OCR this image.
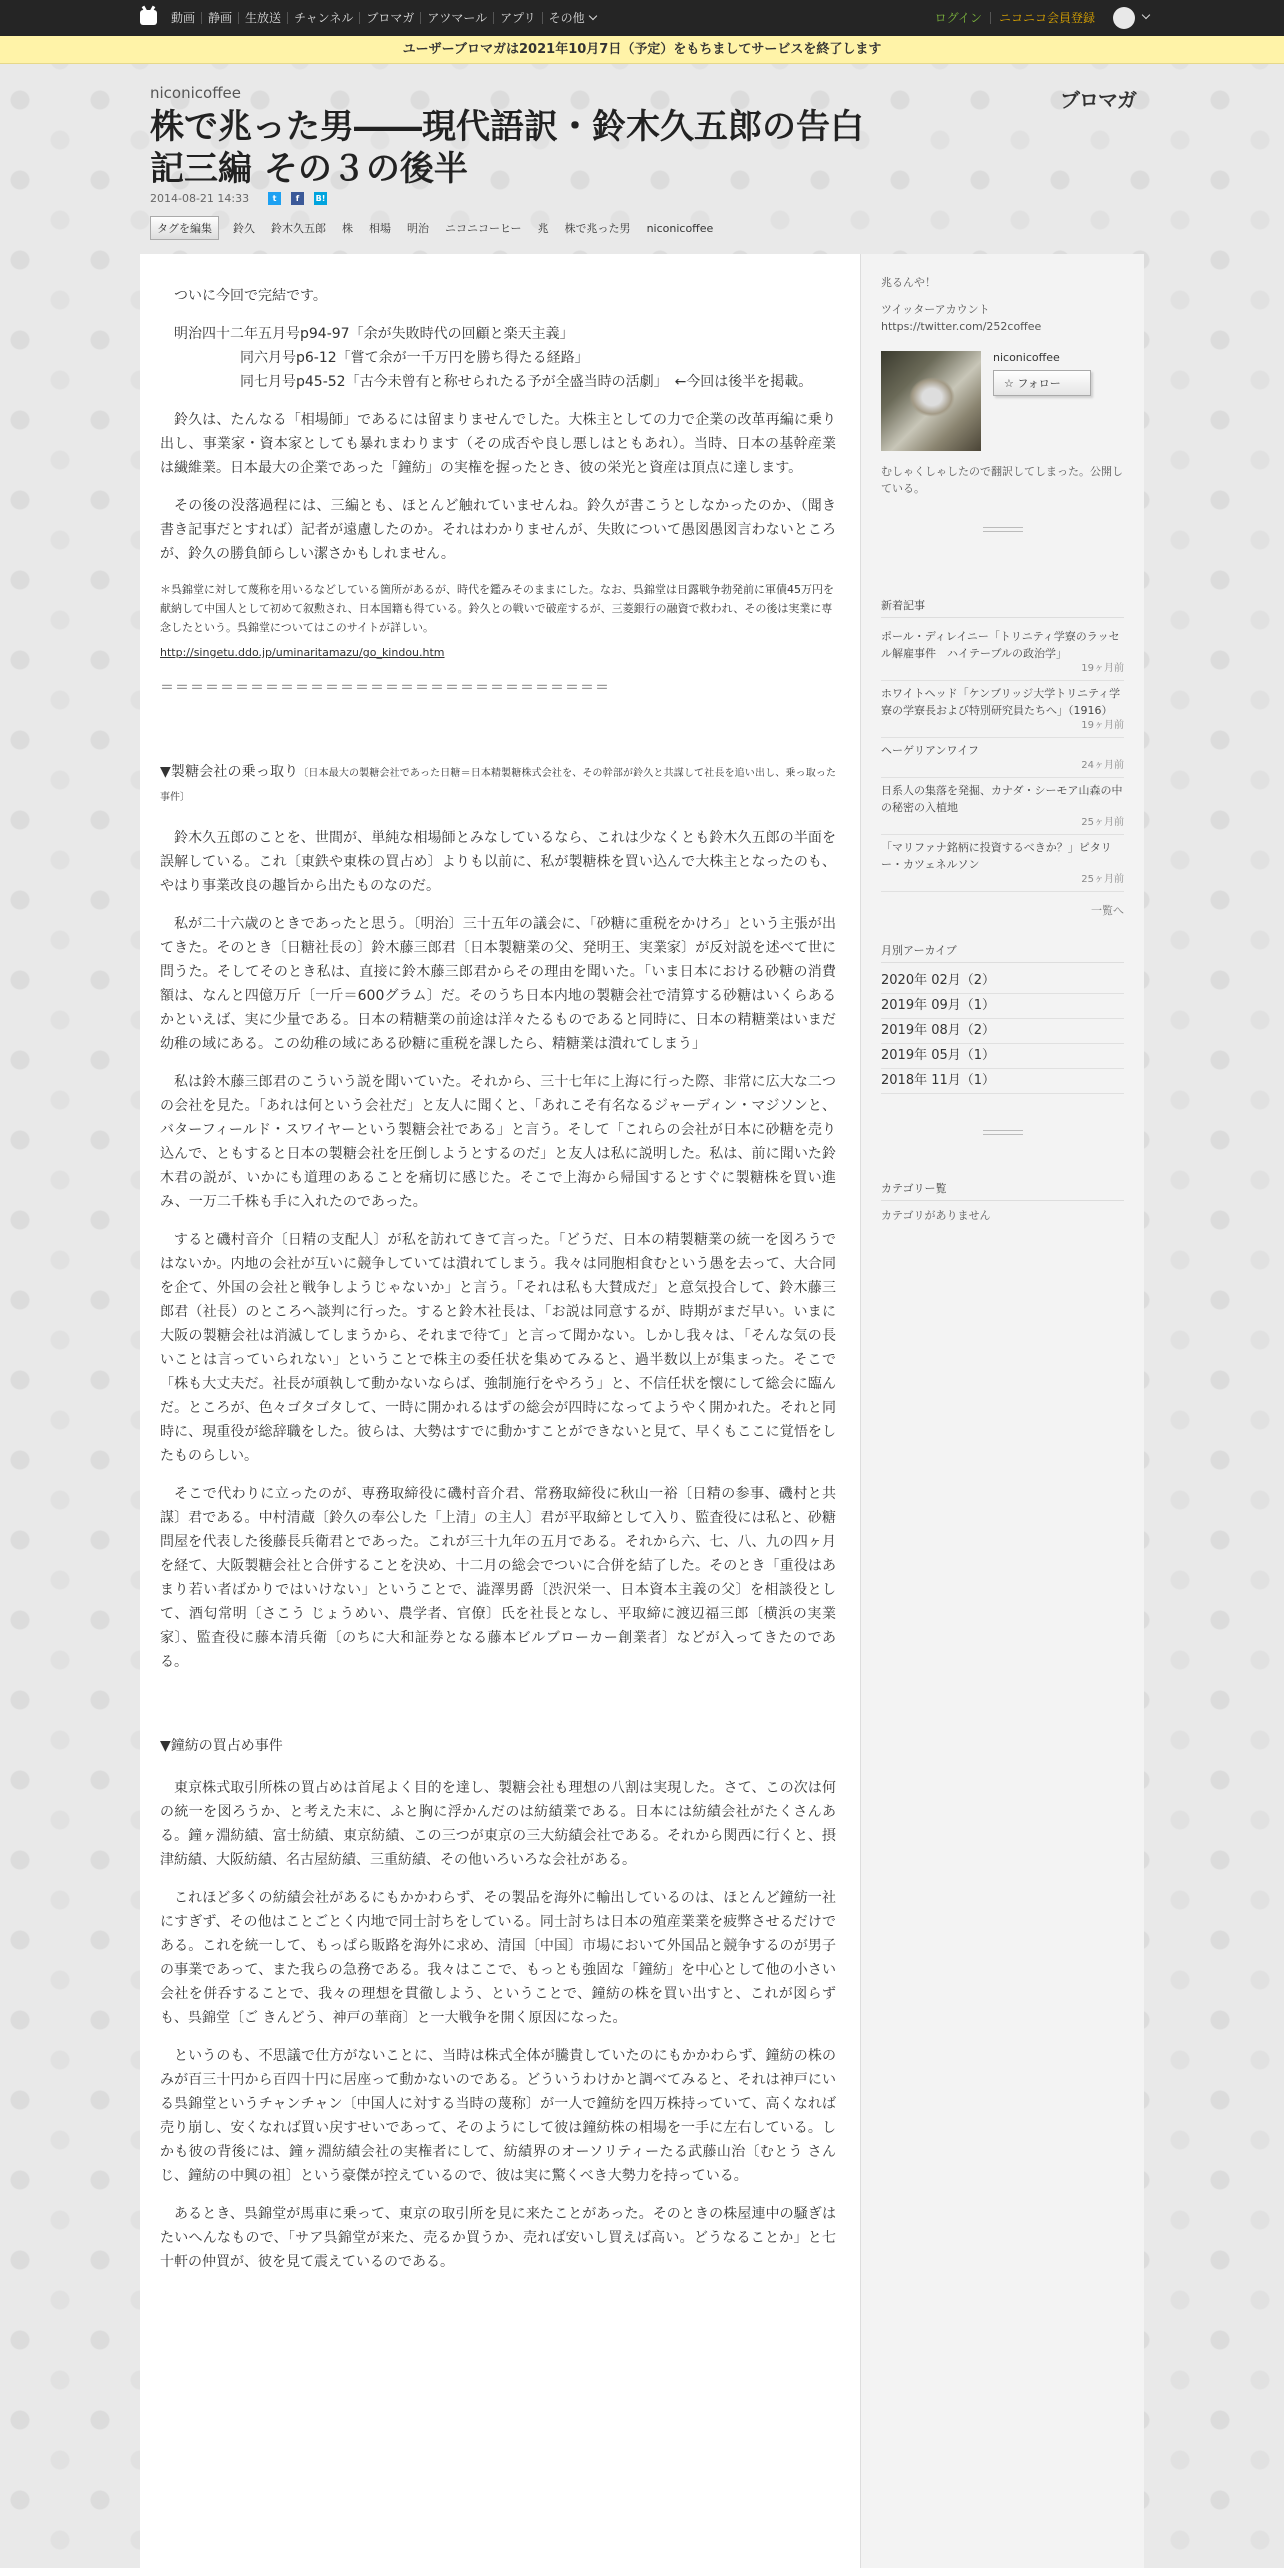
動画	静画	生放送	チャンネル	ブロマガ	アツマール	アプリ	その他	ログイン	ニコニコ会員登録
ユーザーブロマガは2021年10月7日（予定）をもちましてサービスを終了します
niconicoffee	ブロマガ
株で兆った男――現代語訳・鈴木久五郎の告白記三編 その３の後半
2014-08-21 14:33	t	f	B!
タグを編集	鈴久 鈴木久五郎 株 相場 明治 ニコニコーヒー 兆 株で兆った男 niconicoffee

ついに今回で完結です。

明治四十二年五月号p94-97「余が失敗時代の回顧と楽天主義」
同六月号p6-12「嘗て余が一千万円を勝ち得たる経路」
同七月号p45-52「古今未曾有と称せられたる予が全盛当時の活劇」　←今回は後半を掲載。

鈴久は、たんなる「相場師」であるには留まりませんでした。大株主としての力で企業の改革再編に乗り出し、事業家・資本家としても暴れまわります（その成否や良し悪しはともあれ）。当時、日本の基幹産業は繊維業。日本最大の企業であった「鐘紡」の実権を握ったとき、彼の栄光と資産は頂点に達します。

その後の没落過程には、三編とも、ほとんど触れていませんね。鈴久が書こうとしなかったのか、（聞き書き記事だとすれば）記者が遠慮したのか。それはわかりませんが、失敗について愚図愚図言わないところが、鈴久の勝負師らしい潔さかもしれません。

＊呉錦堂に対して蔑称を用いるなどしている箇所があるが、時代を鑑みそのままにした。なお、呉錦堂は日露戦争勃発前に軍債45万円を献納して中国人として初めて叙勲され、日本国籍も得ている。鈴久との戦いで破産するが、三菱銀行の融資で救われ、その後は実業に専念したという。呉錦堂についてはこのサイトが詳しい。
http://singetu.ddo.jp/uminaritamazu/go_kindou.htm

＝＝＝＝＝＝＝＝＝＝＝＝＝＝＝＝＝＝＝＝＝＝＝＝＝＝＝＝＝＝

▼製糖会社の乗っ取り〔日本最大の製糖会社であった日糖＝日本精製糖株式会社を、その幹部が鈴久と共謀して社長を追い出し、乗っ取った事件〕

鈴木久五郎のことを、世間が、単純な相場師とみなしているなら、これは少なくとも鈴木久五郎の半面を誤解している。これ〔東鉄や東株の買占め〕よりも以前に、私が製糖株を買い込んで大株主となったのも、やはり事業改良の趣旨から出たものなのだ。

私が二十六歳のときであったと思う。〔明治〕三十五年の議会に、「砂糖に重税をかけろ」という主張が出てきた。そのとき〔日糖社長の〕鈴木藤三郎君〔日本製糖業の父、発明王、実業家〕が反対説を述べて世に問うた。そしてそのとき私は、直接に鈴木藤三郎君からその理由を聞いた。「いま日本における砂糖の消費額は、なんと四億万斤〔一斤＝600グラム〕だ。そのうち日本内地の製糖会社で清算する砂糖はいくらあるかといえば、実に少量である。日本の精糖業の前途は洋々たるものであると同時に、日本の精糖業はいまだ幼稚の域にある。この幼稚の域にある砂糖に重税を課したら、精糖業は潰れてしまう」

私は鈴木藤三郎君のこういう説を聞いていた。それから、三十七年に上海に行った際、非常に広大な二つの会社を見た。「あれは何という会社だ」と友人に聞くと、「あれこそ有名なるジャーディン・マジソンと、バターフィールド・スワイヤーという製糖会社である」と言う。そして「これらの会社が日本に砂糖を売り込んで、ともすると日本の製糖会社を圧倒しようとするのだ」と友人は私に説明した。私は、前に聞いた鈴木君の説が、いかにも道理のあることを痛切に感じた。そこで上海から帰国するとすぐに製糖株を買い進み、一万二千株も手に入れたのであった。

すると磯村音介〔日精の支配人〕が私を訪れてきて言った。「どうだ、日本の精製糖業の統一を図ろうではないか。内地の会社が互いに競争していては潰れてしまう。我々は同胞相食むという愚を去って、大合同を企て、外国の会社と戦争しようじゃないか」と言う。「それは私も大賛成だ」と意気投合して、鈴木藤三郎君（社長）のところへ談判に行った。すると鈴木社長は、「お説は同意するが、時期がまだ早い。いまに大阪の製糖会社は消滅してしまうから、それまで待て」と言って聞かない。しかし我々は、「そんな気の長いことは言っていられない」ということで株主の委任状を集めてみると、過半数以上が集まった。そこで「株も大丈夫だ。社長が頑執して動かないならば、強制施行をやろう」と、不信任状を懐にして総会に臨んだ。ところが、色々ゴタゴタして、一時に開かれるはずの総会が四時になってようやく開かれた。それと同時に、現重役が総辞職をした。彼らは、大勢はすでに動かすことができないと見て、早くもここに覚悟をしたものらしい。

そこで代わりに立ったのが、専務取締役に磯村音介君、常務取締役に秋山一裕〔日精の参事、磯村と共謀〕君である。中村清蔵〔鈴久の奉公した「上清」の主人〕君が平取締として入り、監査役には私と、砂糖問屋を代表した後藤長兵衛君とであった。これが三十九年の五月である。それから六、七、八、九の四ヶ月を経て、大阪製糖会社と合併することを決め、十二月の総会でついに合併を結了した。そのとき「重役はあまり若い者ばかりではいけない」ということで、澁澤男爵〔渋沢栄一、日本資本主義の父〕を相談役として、酒匂常明〔さこう じょうめい、農学者、官僚〕氏を社長となし、平取締に渡辺福三郎〔横浜の実業家〕、監査役に藤本清兵衛〔のちに大和証券となる藤本ビルブローカー創業者〕などが入ってきたのである。

▼鐘紡の買占め事件

東京株式取引所株の買占めは首尾よく目的を達し、製糖会社も理想の八割は実現した。さて、この次は何の統一を図ろうか、と考えた末に、ふと胸に浮かんだのは紡績業である。日本には紡績会社がたくさんある。鐘ヶ淵紡績、富士紡績、東京紡績、この三つが東京の三大紡績会社である。それから関西に行くと、摂津紡績、大阪紡績、名古屋紡績、三重紡績、その他いろいろな会社がある。

これほど多くの紡績会社があるにもかかわらず、その製品を海外に輸出しているのは、ほとんど鐘紡一社にすぎず、その他はことごとく内地で同士討ちをしている。同士討ちは日本の殖産業業を疲弊させるだけである。これを統一して、もっぱら販路を海外に求め、清国〔中国〕市場において外国品と競争するのが男子の事業であって、また我らの急務である。我々はここで、もっとも強固な「鐘紡」を中心として他の小さい会社を併呑することで、我々の理想を貫徹しよう、ということで、鐘紡の株を買い出すと、これが図らずも、呉錦堂〔ご きんどう、神戸の華商〕と一大戦争を開く原因になった。

というのも、不思議で仕方がないことに、当時は株式全体が騰貴していたのにもかかわらず、鐘紡の株のみが百三十円から百四十円に居座って動かないのである。どういうわけかと調べてみると、それは神戸にいる呉錦堂というチャンチャン〔中国人に対する当時の蔑称〕が一人で鐘紡を四万株持っていて、高くなれば売り崩し、安くなれば買い戻すせいであって、そのようにして彼は鐘紡株の相場を一手に左右している。しかも彼の背後には、鐘ヶ淵紡績会社の実権者にして、紡績界のオーソリティーたる武藤山治〔むとう さんじ、鐘紡の中興の祖〕という豪傑が控えているので、彼は実に驚くべき大勢力を持っている。

あるとき、呉錦堂が馬車に乗って、東京の取引所を見に来たことがあった。そのときの株屋連中の騒ぎはたいへんなもので、「サア呉錦堂が来た、売るか買うか、売れば安いし買えば高い。どうなることか」と七十軒の仲買が、彼を見て震えているのである。

兆るんや！
ツイッターアカウント https://twitter.com/252coffee
niconicoffee
☆ フォロー
むしゃくしゃしたので翻訳してしまった。公開している。
新着記事
ポール・ディレイニー「トリニティ学寮のラッセル解雇事件　ハイテーブルの政治学」
19ヶ月前
ホワイトヘッド「ケンブリッジ大学トリニティ学寮の学寮長および特別研究員たちへ」（1916）
19ヶ月前
ヘーゲリアンワイフ
24ヶ月前
日系人の集落を発掘、カナダ・シーモア山森の中の秘密の入植地
25ヶ月前
「マリファナ銘柄に投資するべきか？」ピタリー・カツェネルソン
25ヶ月前
一覧へ
月別アーカイブ
2020年 02月（2）
2019年 09月（1）
2019年 08月（2）
2019年 05月（1）
2018年 11月（1）
カテゴリー覧
カテゴリがありません
